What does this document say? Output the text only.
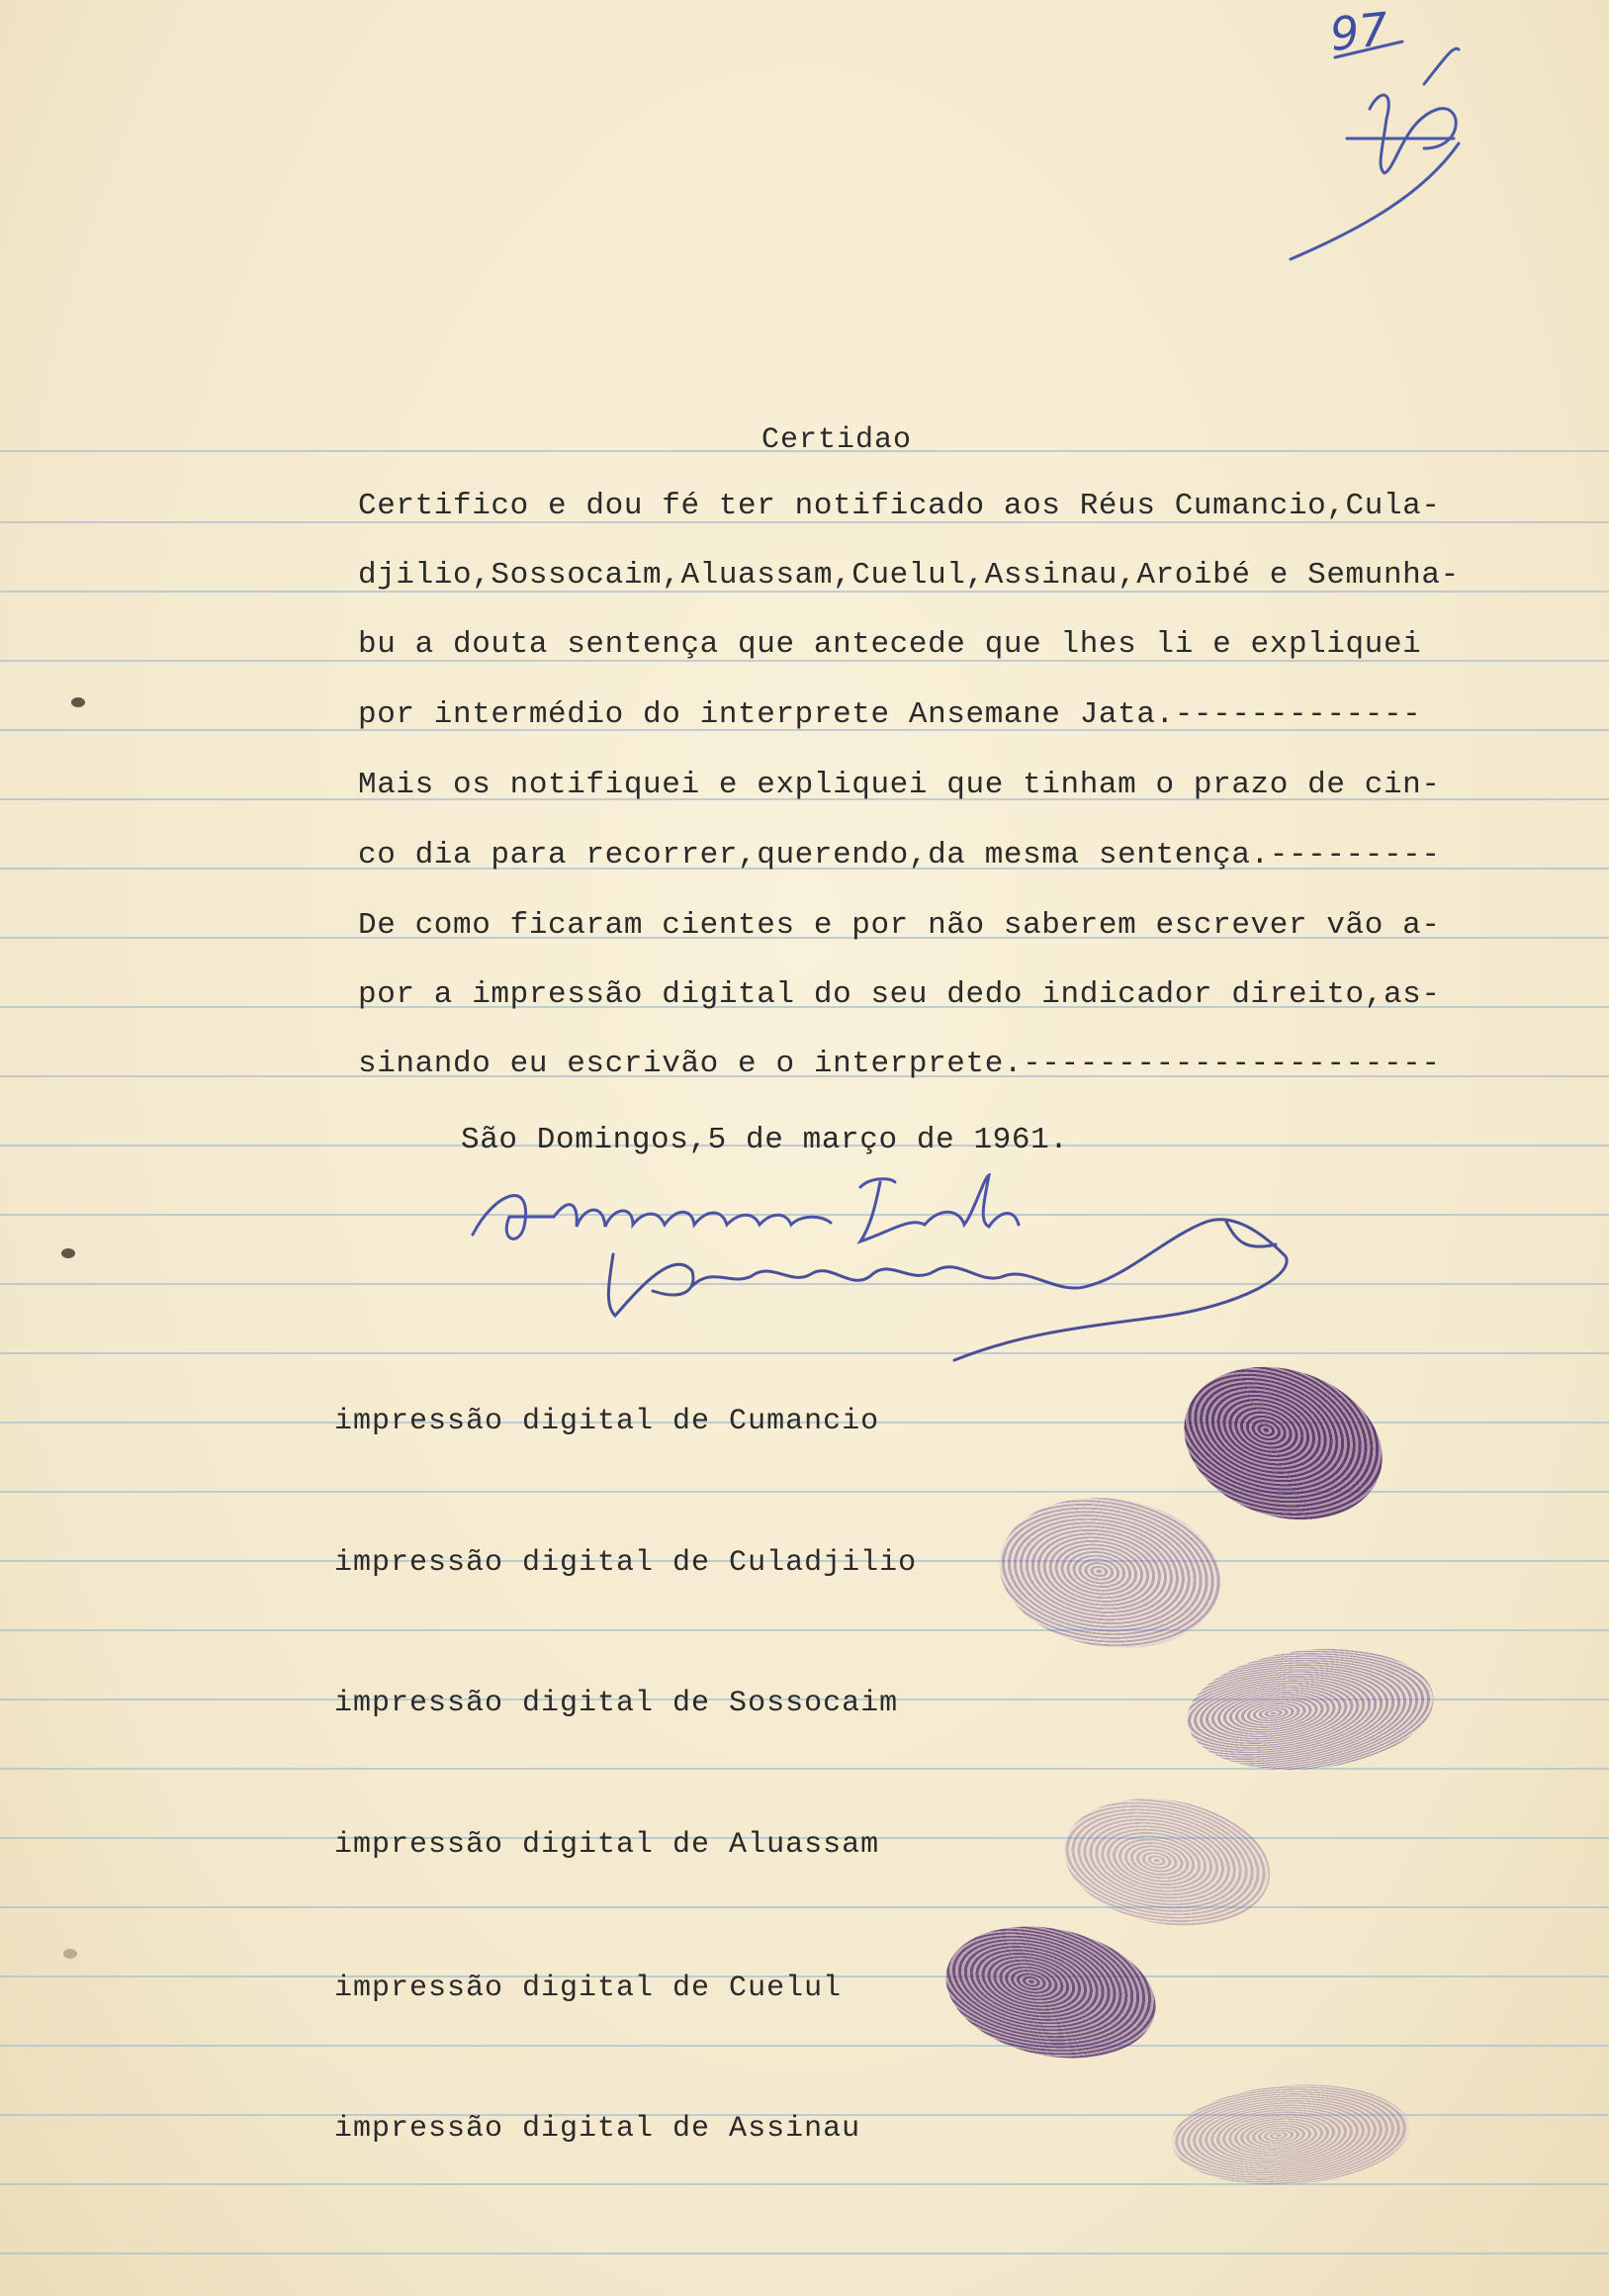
97
Certidao
Certifico e dou fé ter notificado aos Réus Cumancio,Cula-
djilio,Sossocaim,Aluassam,Cuelul,Assinau,Aroibé e Semunha-
bu a douta sentença que antecede que lhes li e expliquei
por intermédio do interprete Ansemane Jata.-------------
Mais os notifiquei e expliquei que tinham o prazo de cin-
co dia para recorrer,querendo,da mesma sentença.---------
De como ficaram cientes e por não saberem escrever vão a-
por a impressão digital do seu dedo indicador direito,as-
sinando eu escrivão e o interprete.----------------------
São Domingos,5 de março de 1961.
impressão digital de Cumancio
impressão digital de Culadjilio
impressão digital de Sossocaim
impressão digital de Aluassam
impressão digital de Cuelul
impressão digital de Assinau
